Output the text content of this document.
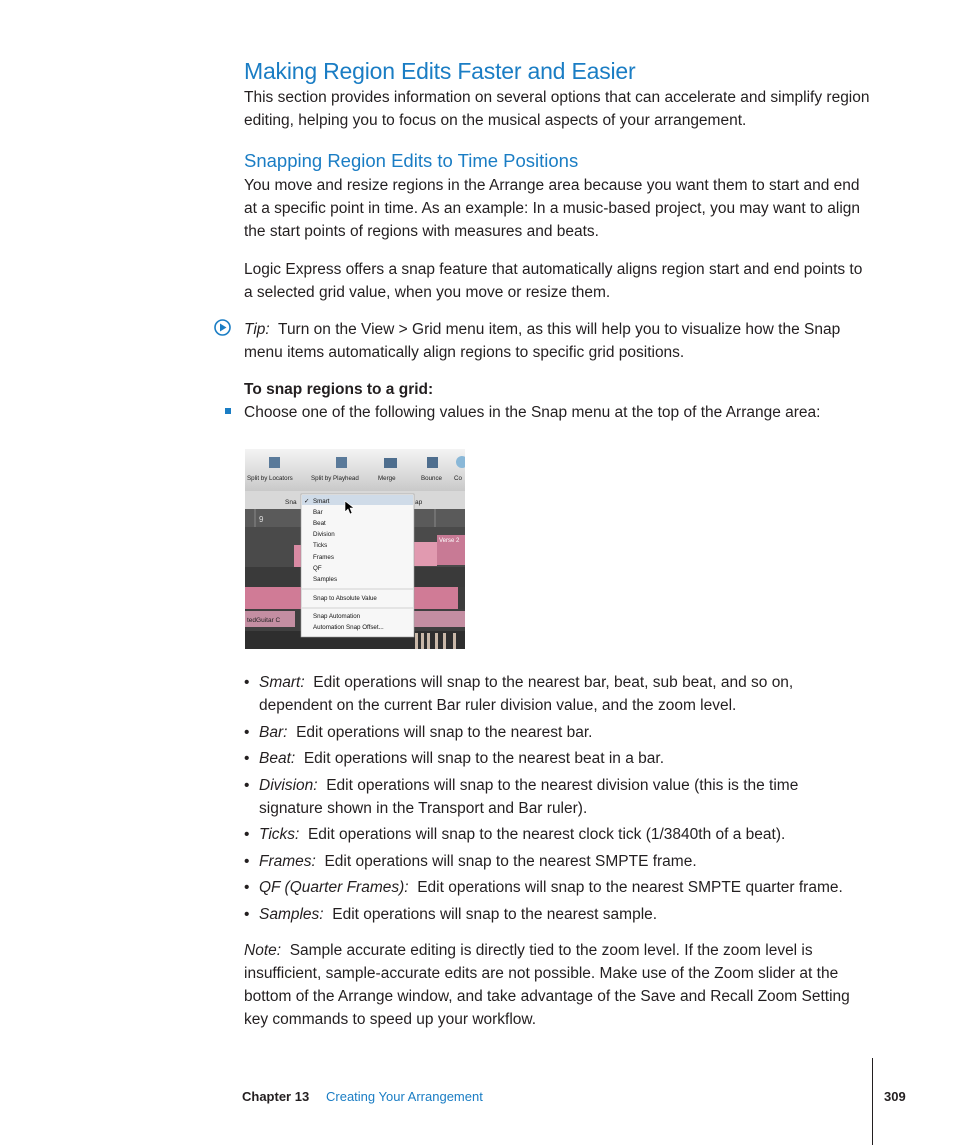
Making Region Edits Faster and Easier

This section provides information on several options that can accelerate and simplify region editing, helping you to focus on the musical aspects of your arrangement.

Snapping Region Edits to Time Positions

You move and resize regions in the Arrange area because you want them to start and end at a specific point in time. As an example: In a music-based project, you may want to align the start points of regions with measures and beats.

Logic Express offers a snap feature that automatically aligns region start and end points to a selected grid value, when you move or resize them.

Tip: Turn on the View > Grid menu item, as this will help you to visualize how the Snap menu items automatically align regions to specific grid positions.

To snap regions to a grid:

Choose one of the following values in the Snap menu at the top of the Arrange area:

Split by Locators	Split by Playhead	Merge	Bounce Co
Sna	ap
9
Verse 2
tedGuitar C
✓ Smart
Bar
Beat
Division
Ticks
Frames
QF
Samples
Snap to Absolute Value
Snap Automation
Automation Snap Offset...
• Smart: Edit operations will snap to the nearest bar, beat, sub beat, and so on, dependent on the current Bar ruler division value, and the zoom level.
• Bar: Edit operations will snap to the nearest bar.
• Beat: Edit operations will snap to the nearest beat in a bar.
• Division: Edit operations will snap to the nearest division value (this is the time signature shown in the Transport and Bar ruler).
• Ticks: Edit operations will snap to the nearest clock tick (1/3840th of a beat).
• Frames: Edit operations will snap to the nearest SMPTE frame.
• QF (Quarter Frames): Edit operations will snap to the nearest SMPTE quarter frame.
• Samples: Edit operations will snap to the nearest sample.

Note: Sample accurate editing is directly tied to the zoom level. If the zoom level is insufficient, sample-accurate edits are not possible. Make use of the Zoom slider at the bottom of the Arrange window, and take advantage of the Save and Recall Zoom Setting key commands to speed up your workflow.

Chapter 13 Creating Your Arrangement	309
